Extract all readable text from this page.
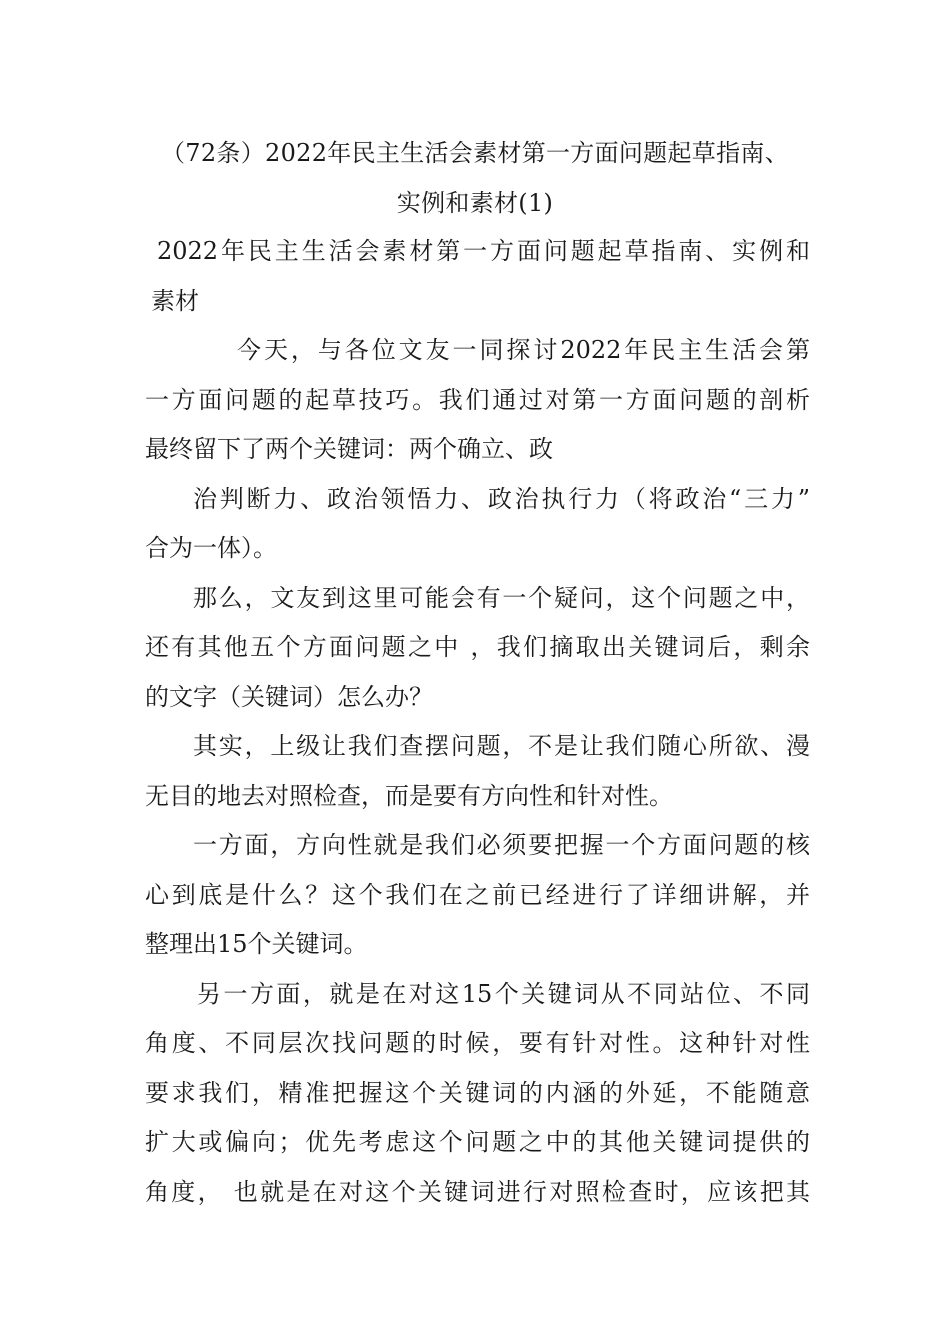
（72条）2022年民主生活会素材第一方面问题起草指南、
实例和素材(1)
2022年民主生活会素材第一方面问题起草指南、实例和
素材
今天，与各位文友一同探讨2022年民主生活会第
一方面问题的起草技巧。我们通过对第一方面问题的剖析
最终留下了两个关键词：两个确立、政
治判断力、政治领悟力、政治执行力（将政治“三力”
合为一体）。
那么，文友到这里可能会有一个疑问，这个问题之中，
还有其他五个方面问题之中 ，我们摘取出关键词后，剩余
的文字（关键词）怎么办？
其实，上级让我们查摆问题，不是让我们随心所欲、漫
无目的地去对照检查，而是要有方向性和针对性。
一方面，方向性就是我们必须要把握一个方面问题的核
心到底是什么？这个我们在之前已经进行了详细讲解，并
整理出15个关键词。
另一方面，就是在对这15个关键词从不同站位、不同
角度、不同层次找问题的时候，要有针对性。这种针对性
要求我们，精准把握这个关键词的内涵的外延，不能随意
扩大或偏向；优先考虑这个问题之中的其他关键词提供的
角度， 也就是在对这个关键词进行对照检查时，应该把其
